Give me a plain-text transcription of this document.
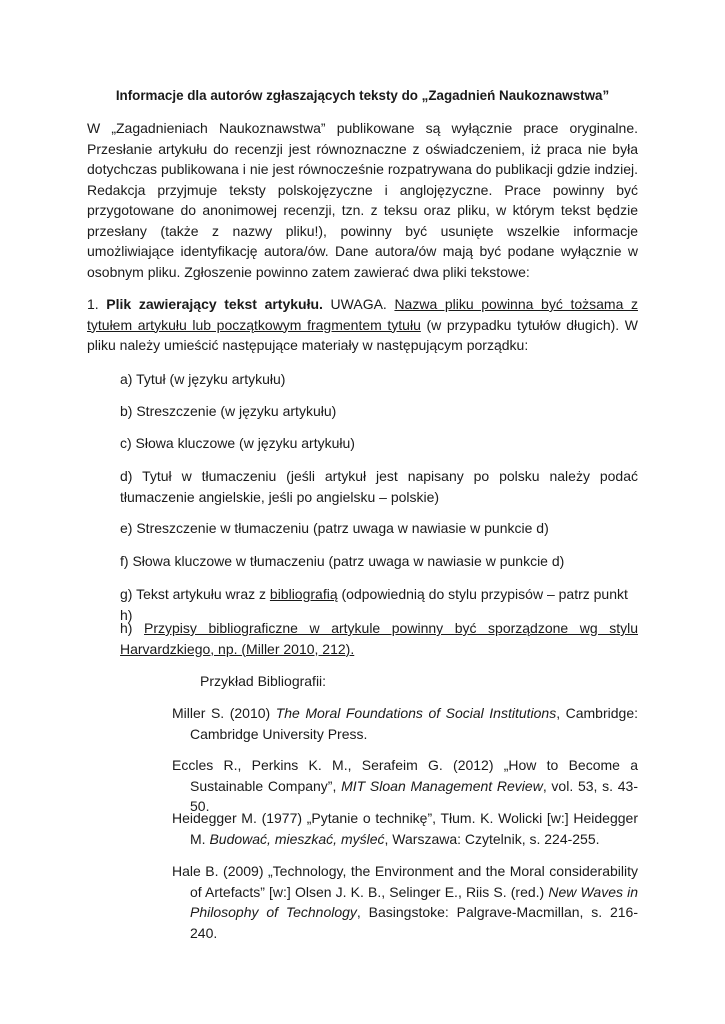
Informacje dla autorów zgłaszających teksty do „Zagadnień Naukoznawstwa”
W „Zagadnieniach Naukoznawstwa” publikowane są wyłącznie prace oryginalne. Przesłanie artykułu do recenzji jest równoznaczne z oświadczeniem, iż praca nie była dotychczas publikowana i nie jest równocześnie rozpatrywana do publikacji gdzie indziej. Redakcja przyjmuje teksty polskojęzyczne i anglojęzyczne. Prace powinny być przygotowane do anonimowej recenzji, tzn. z teksu oraz pliku, w którym tekst będzie przesłany (także z nazwy pliku!), powinny być usunięte wszelkie informacje umożliwiające identyfikację autora/ów. Dane autora/ów mają być podane wyłącznie w osobnym pliku. Zgłoszenie powinno zatem zawierać dwa pliki tekstowe:
1. Plik zawierający tekst artykułu. UWAGA. Nazwa pliku powinna być tożsama z tytułem artykułu lub początkowym fragmentem tytułu (w przypadku tytułów długich). W pliku należy umieścić następujące materiały w następującym porządku:
a) Tytuł (w języku artykułu)
b) Streszczenie (w języku artykułu)
c) Słowa kluczowe (w języku artykułu)
d) Tytuł w tłumaczeniu (jeśli artykuł jest napisany po polsku należy podać tłumaczenie angielskie, jeśli po angielsku – polskie)
e) Streszczenie w tłumaczeniu (patrz uwaga w nawiasie w punkcie d)
f) Słowa kluczowe w tłumaczeniu (patrz uwaga w nawiasie w punkcie d)
g) Tekst artykułu wraz z bibliografią (odpowiednią do stylu przypisów – patrz punkt h)
h) Przypisy bibliograficzne w artykule powinny być sporządzone wg stylu Harvardzkiego, np. (Miller 2010, 212).
Przykład Bibliografii:
Miller S. (2010) The Moral Foundations of Social Institutions, Cambridge: Cambridge University Press.
Eccles R., Perkins K. M., Serafeim G. (2012) „How to Become a Sustainable Company”, MIT Sloan Management Review, vol. 53, s. 43-50.
Heidegger M. (1977) „Pytanie o technikę”, Tłum. K. Wolicki [w:] Heidegger M. Budować, mieszkać, myśleć, Warszawa: Czytelnik, s. 224-255.
Hale B. (2009) „Technology, the Environment and the Moral considerability of Artefacts” [w:] Olsen J. K. B., Selinger E., Riis S. (red.) New Waves in Philosophy of Technology, Basingstoke: Palgrave-Macmillan, s. 216-240.
